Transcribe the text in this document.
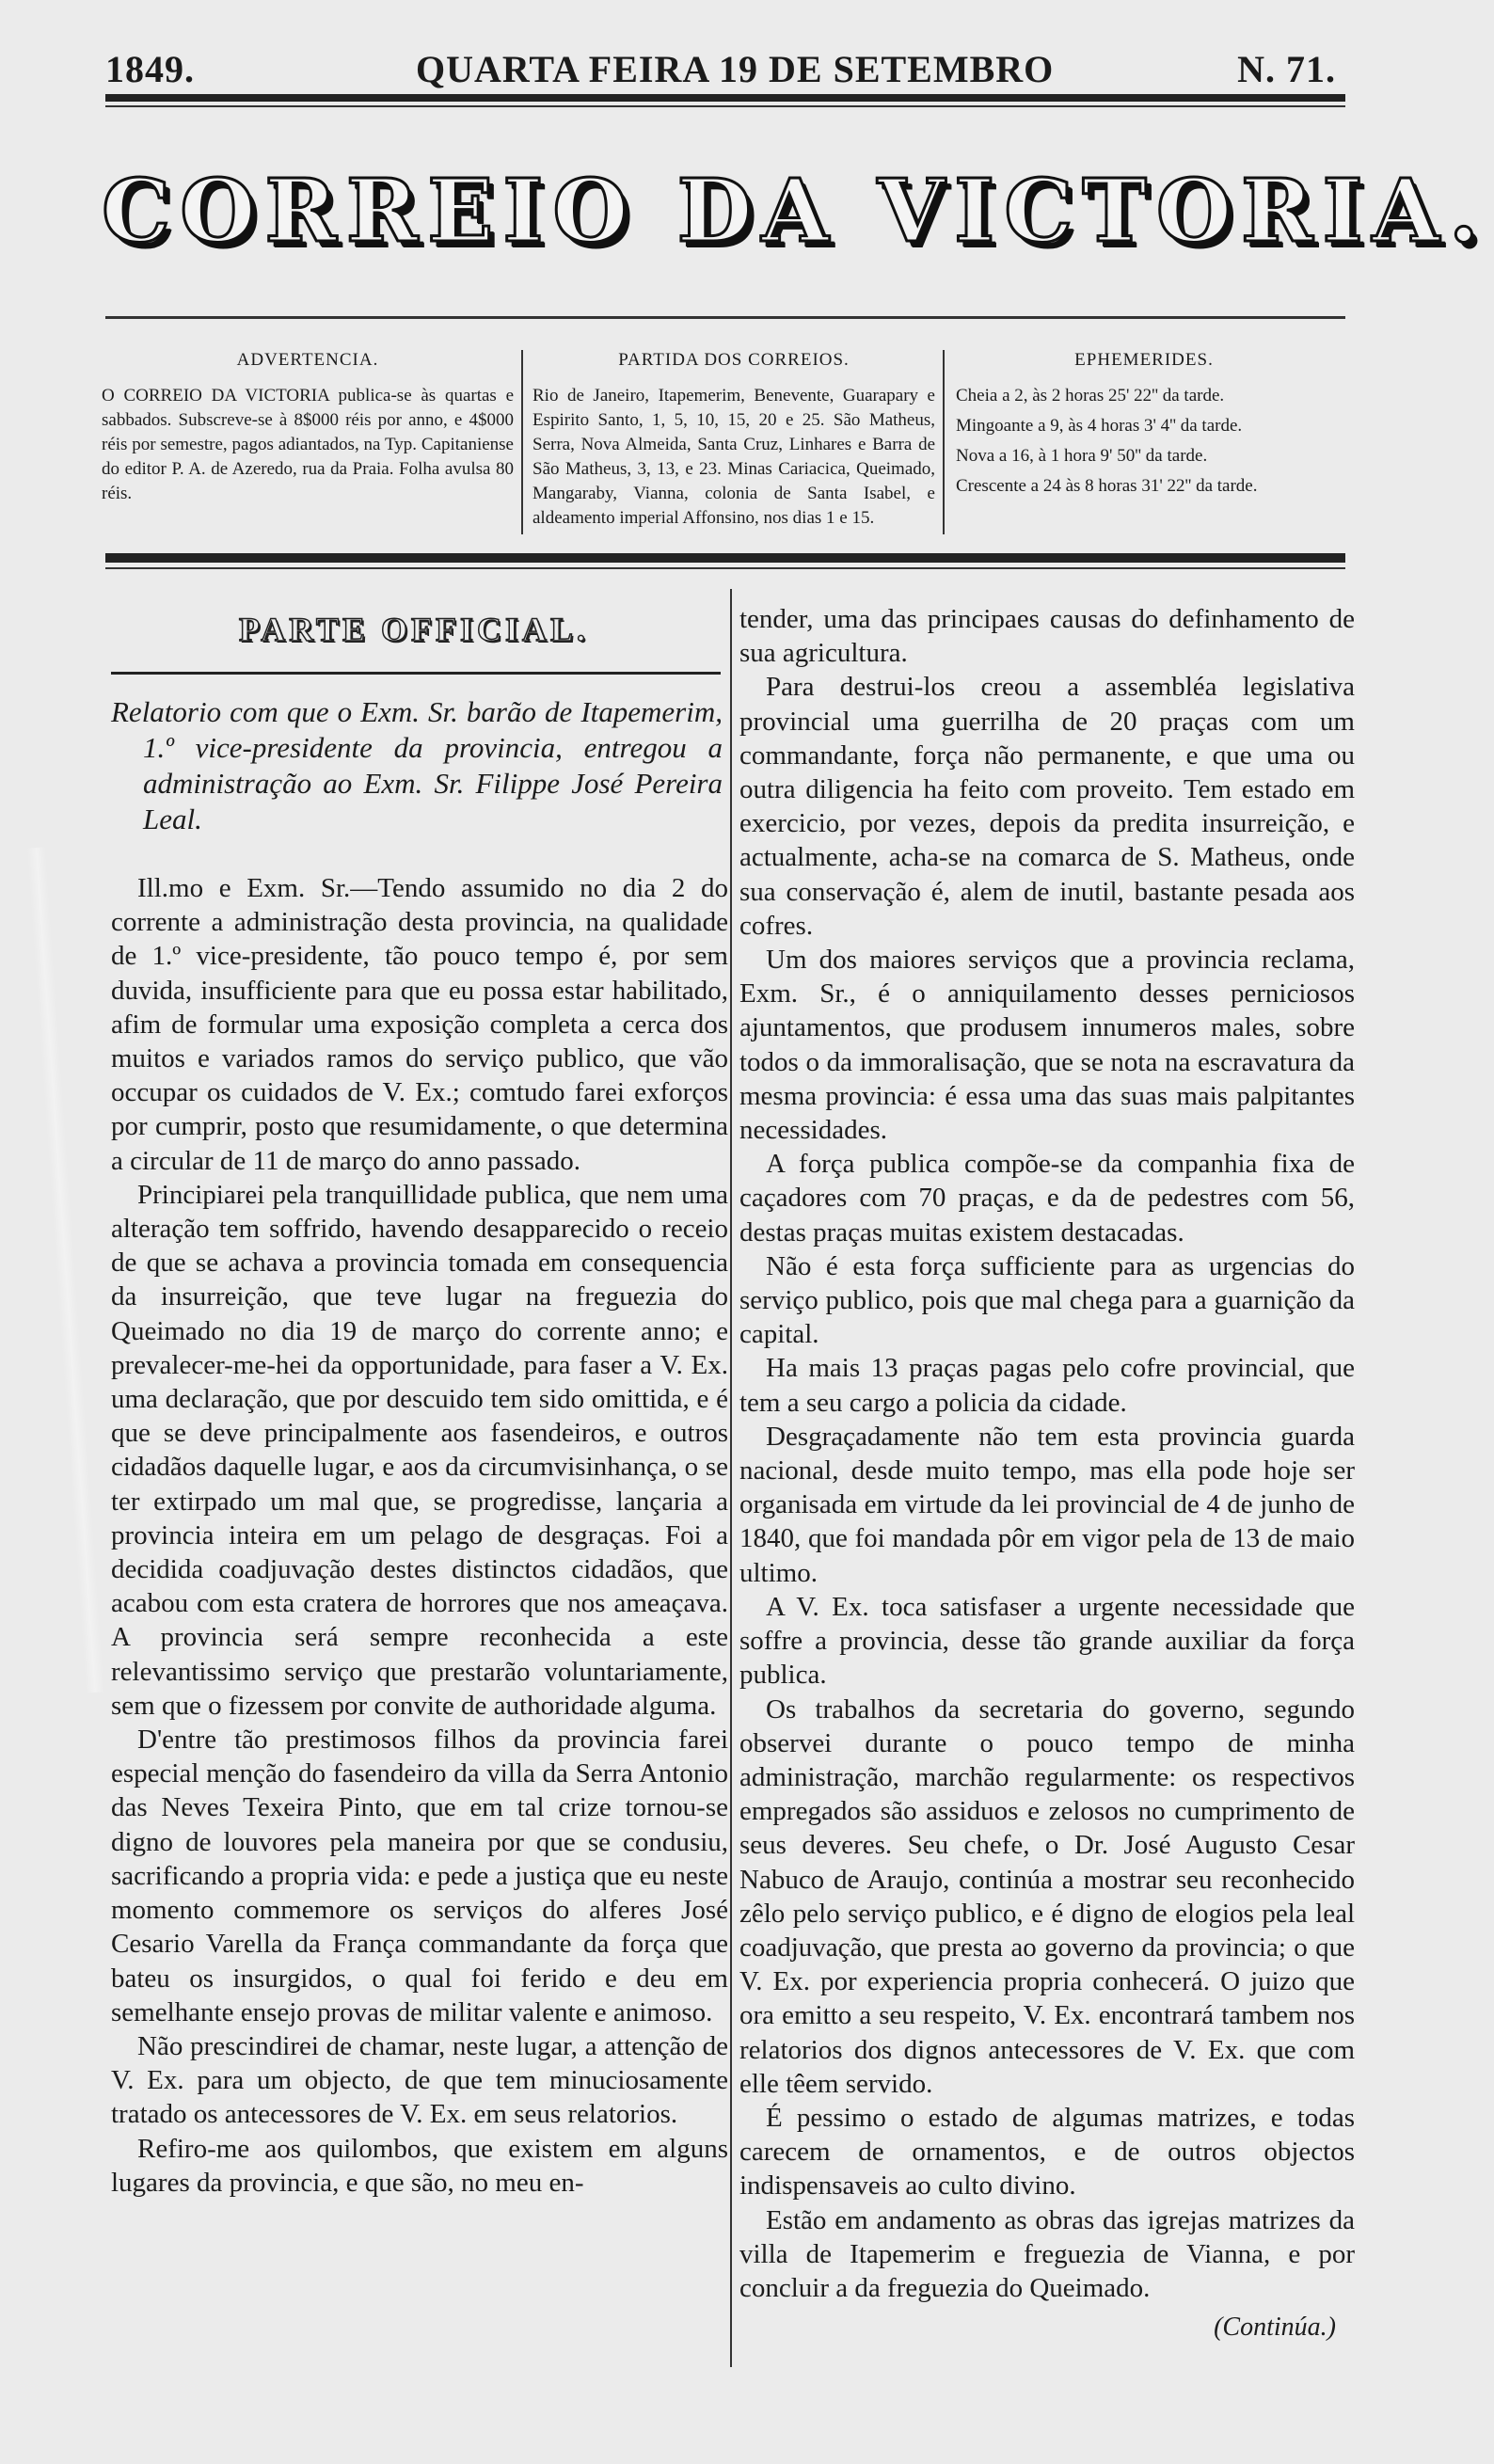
1849.	QUARTA FEIRA 19 DE SETEMBRO	N. 71.
CORREIO DA VICTORIA.
ADVERTENCIA.
O CORREIO DA VICTORIA publica-se às quartas e sabbados. Subscreve-se à 8$000 réis por anno, e 4$000 réis por semestre, pagos adiantados, na Typ. Capitaniense do editor P. A. de Azeredo, rua da Praia. Folha avulsa 80 réis.
PARTIDA DOS CORREIOS.
Rio de Janeiro, Itapemerim, Benevente, Guarapary e Espirito Santo, 1, 5, 10, 15, 20 e 25. São Matheus, Serra, Nova Almeida, Santa Cruz, Linhares e Barra de São Matheus, 3, 13, e 23. Minas Cariacica, Queimado, Mangaraby, Vianna, colonia de Santa Isabel, e aldeamento imperial Affonsino, nos dias 1 e 15.
EPHEMERIDES.

Cheia a 2, às 2 horas 25' 22'' da tarde.

Mingoante a 9, às 4 horas 3' 4'' da tarde.

Nova a 16, à 1 hora 9' 50'' da tarde.

Crescente a 24 às 8 horas 31' 22'' da tarde.

PARTE OFFICIAL.
Relatorio com que o Exm. Sr. barão de Itapemerim, 1.º vice-presidente da provincia, entregou a administração ao Exm. Sr. Filippe José Pereira Leal.

Ill.mo e Exm. Sr.—Tendo assumido no dia 2 do corrente a administração desta provincia, na qualidade de 1.º vice-presidente, tão pouco tempo é, por sem duvida, insufficiente para que eu possa estar habilitado, afim de formular uma exposição completa a cerca dos muitos e variados ramos do serviço publico, que vão occupar os cuidados de V. Ex.; comtudo farei exforços por cumprir, posto que resumidamente, o que determina a circular de 11 de março do anno passado.

Principiarei pela tranquillidade publica, que nem uma alteração tem soffrido, havendo desapparecido o receio de que se achava a provincia tomada em consequencia da insurreição, que teve lugar na freguezia do Queimado no dia 19 de março do corrente anno; e prevalecer-me-hei da opportunidade, para faser a V. Ex. uma declaração, que por descuido tem sido omittida, e é que se deve principalmente aos fasendeiros, e outros cidadãos daquelle lugar, e aos da circumvisinhança, o se ter extirpado um mal que, se progredisse, lançaria a provincia inteira em um pelago de desgraças. Foi a decidida coadjuvação destes distinctos cidadãos, que acabou com esta cratera de horrores que nos ameaçava. A provincia será sempre reconhecida a este relevantissimo serviço que prestarão voluntariamente, sem que o fizessem por convite de authoridade alguma.

D'entre tão prestimosos filhos da provincia farei especial menção do fasendeiro da villa da Serra Antonio das Neves Texeira Pinto, que em tal crize tornou-se digno de louvores pela maneira por que se condusiu, sacrificando a propria vida: e pede a justiça que eu neste momento commemore os serviços do alferes José Cesario Varella da França commandante da força que bateu os insurgidos, o qual foi ferido e deu em semelhante ensejo provas de militar valente e animoso.

Não prescindirei de chamar, neste lugar, a attenção de V. Ex. para um objecto, de que tem minuciosamente tratado os antecessores de V. Ex. em seus relatorios.

Refiro-me aos quilombos, que existem em alguns lugares da provincia, e que são, no meu en-

tender, uma das principaes causas do definhamento de sua agricultura.

Para destrui-los creou a assembléa legislativa provincial uma guerrilha de 20 praças com um commandante, força não permanente, e que uma ou outra diligencia ha feito com proveito. Tem estado em exercicio, por vezes, depois da predita insurreição, e actualmente, acha-se na comarca de S. Matheus, onde sua conservação é, alem de inutil, bastante pesada aos cofres.

Um dos maiores serviços que a provincia reclama, Exm. Sr., é o anniquilamento desses perniciosos ajuntamentos, que produsem innumeros males, sobre todos o da immoralisação, que se nota na escravatura da mesma provincia: é essa uma das suas mais palpitantes necessidades.

A força publica compõe-se da companhia fixa de caçadores com 70 praças, e da de pedestres com 56, destas praças muitas existem destacadas.

Não é esta força sufficiente para as urgencias do serviço publico, pois que mal chega para a guarnição da capital.

Ha mais 13 praças pagas pelo cofre provincial, que tem a seu cargo a policia da cidade.

Desgraçadamente não tem esta provincia guarda nacional, desde muito tempo, mas ella pode hoje ser organisada em virtude da lei provincial de 4 de junho de 1840, que foi mandada pôr em vigor pela de 13 de maio ultimo.

A V. Ex. toca satisfaser a urgente necessidade que soffre a provincia, desse tão grande auxiliar da força publica.

Os trabalhos da secretaria do governo, segundo observei durante o pouco tempo de minha administração, marchão regularmente: os respectivos empregados são assiduos e zelosos no cumprimento de seus deveres. Seu chefe, o Dr. José Augusto Cesar Nabuco de Araujo, continúa a mostrar seu reconhecido zêlo pelo serviço publico, e é digno de elogios pela leal coadjuvação, que presta ao governo da provincia; o que V. Ex. por experiencia propria conhecerá. O juizo que ora emitto a seu respeito, V. Ex. encontrará tambem nos relatorios dos dignos antecessores de V. Ex. que com elle têem servido.

É pessimo o estado de algumas matrizes, e todas carecem de ornamentos, e de outros objectos indispensaveis ao culto divino.

Estão em andamento as obras das igrejas matrizes da villa de Itapemerim e freguezia de Vianna, e por concluir a da freguezia do Queimado.

(Continúa.)
